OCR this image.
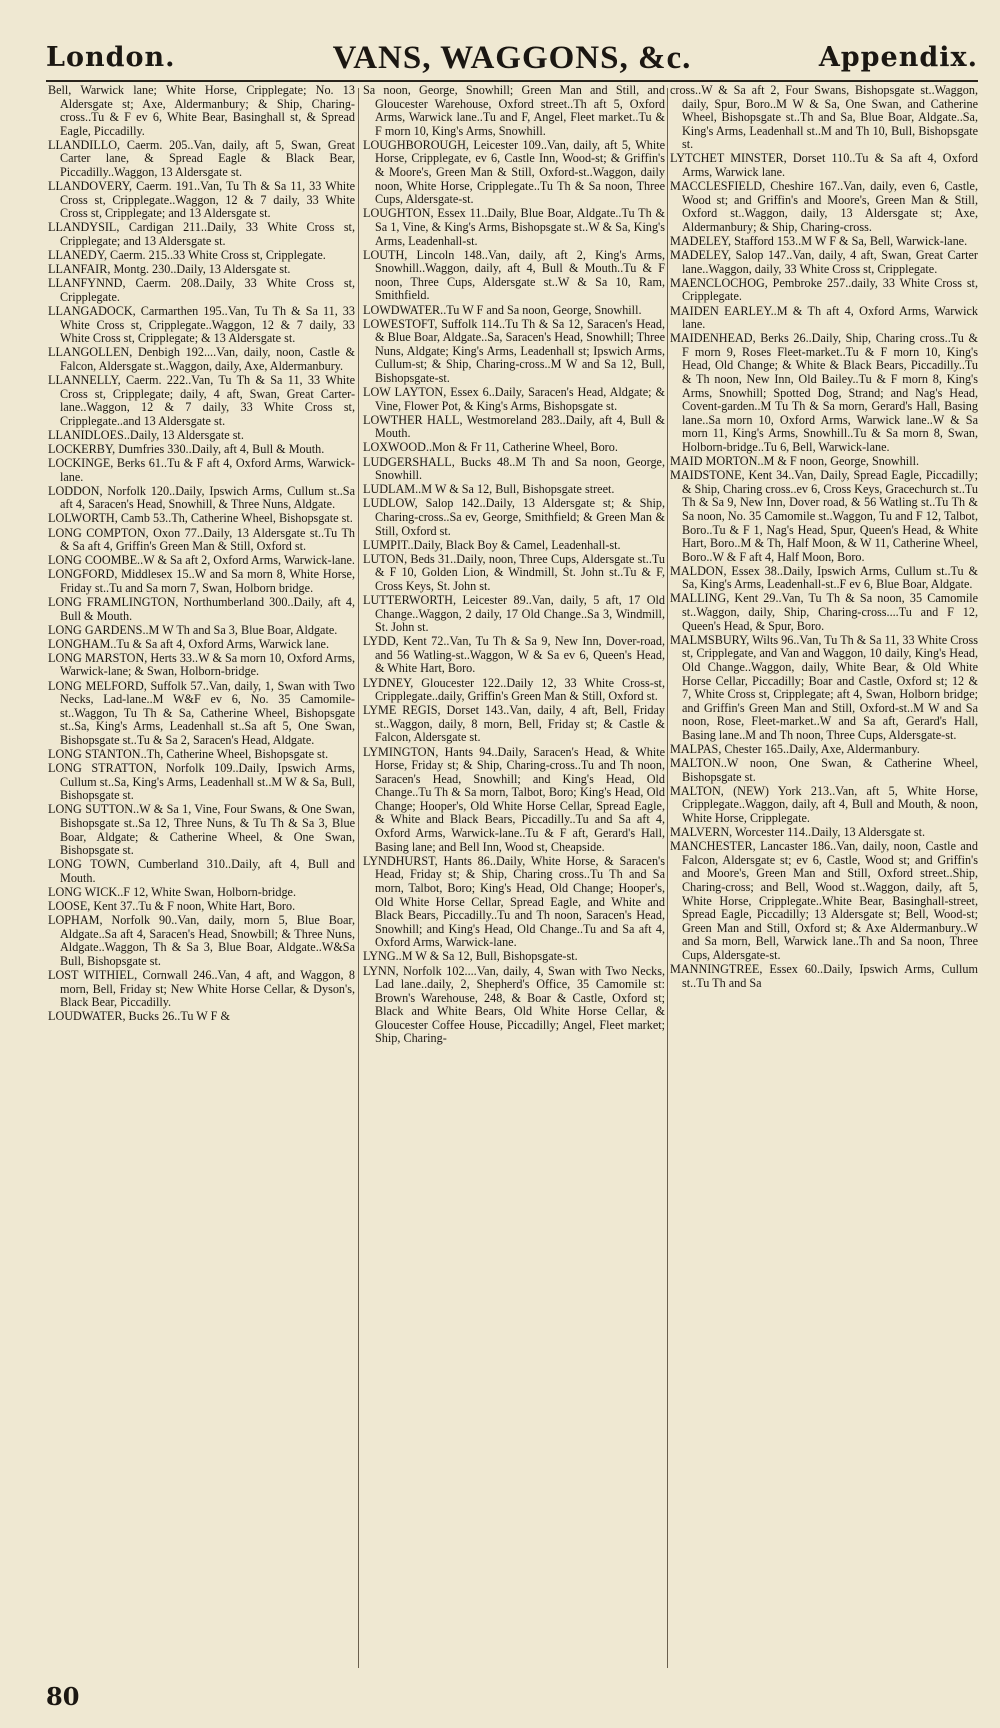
London.	VANS, WAGGONS, &c.	Appendix.

Bell, Warwick lane; White Horse, Cripplegate; No. 13 Aldersgate st; Axe, Aldermanbury; & Ship, Charing-cross..Tu & F ev 6, White Bear, Basinghall st, & Spread Eagle, Piccadilly.

LLANDILLO, Caerm. 205..Van, daily, aft 5, Swan, Great Carter lane, & Spread Eagle & Black Bear, Piccadilly..Waggon, 13 Aldersgate st.

LLANDOVERY, Caerm. 191..Van, Tu Th & Sa 11, 33 White Cross st, Cripplegate..Waggon, 12 & 7 daily, 33 White Cross st, Cripplegate; and 13 Aldersgate st.

LLANDYSIL, Cardigan 211..Daily, 33 White Cross st, Cripplegate; and 13 Aldersgate st.

LLANEDY, Caerm. 215..33 White Cross st, Cripplegate.

LLANFAIR, Montg. 230..Daily, 13 Aldersgate st.

LLANFYNND, Caerm. 208..Daily, 33 White Cross st, Cripplegate.

LLANGADOCK, Carmarthen 195..Van, Tu Th & Sa 11, 33 White Cross st, Cripplegate..Waggon, 12 & 7 daily, 33 White Cross st, Cripplegate; & 13 Aldersgate st.

LLANGOLLEN, Denbigh 192....Van, daily, noon, Castle & Falcon, Aldersgate st..Waggon, daily, Axe, Aldermanbury.

LLANNELLY, Caerm. 222..Van, Tu Th & Sa 11, 33 White Cross st, Cripplegate; daily, 4 aft, Swan, Great Carter-lane..Waggon, 12 & 7 daily, 33 White Cross st, Cripplegate..and 13 Aldersgate st.

LLANIDLOES..Daily, 13 Aldersgate st.

LOCKERBY, Dumfries 330..Daily, aft 4, Bull & Mouth.

LOCKINGE, Berks 61..Tu & F aft 4, Oxford Arms, Warwick-lane.

LODDON, Norfolk 120..Daily, Ipswich Arms, Cullum st..Sa aft 4, Saracen's Head, Snowhill, & Three Nuns, Aldgate.

LOLWORTH, Camb 53..Th, Catherine Wheel, Bishopsgate st.

LONG COMPTON, Oxon 77..Daily, 13 Aldersgate st..Tu Th & Sa aft 4, Griffin's Green Man & Still, Oxford st.

LONG COOMBE..W & Sa aft 2, Oxford Arms, Warwick-lane.

LONGFORD, Middlesex 15..W and Sa morn 8, White Horse, Friday st..Tu and Sa morn 7, Swan, Holborn bridge.

LONG FRAMLINGTON, Northumberland 300..Daily, aft 4, Bull & Mouth.

LONG GARDENS..M W Th and Sa 3, Blue Boar, Aldgate.

LONGHAM..Tu & Sa aft 4, Oxford Arms, Warwick lane.

LONG MARSTON, Herts 33..W & Sa morn 10, Oxford Arms, Warwick-lane; & Swan, Holborn-bridge.

LONG MELFORD, Suffolk 57..Van, daily, 1, Swan with Two Necks, Lad-lane..M W&F ev 6, No. 35 Camomile-st..Waggon, Tu Th & Sa, Catherine Wheel, Bishopsgate st..Sa, King's Arms, Leadenhall st..Sa aft 5, One Swan, Bishopsgate st..Tu & Sa 2, Saracen's Head, Aldgate.

LONG STANTON..Th, Catherine Wheel, Bishopsgate st.

LONG STRATTON, Norfolk 109..Daily, Ipswich Arms, Cullum st..Sa, King's Arms, Leadenhall st..M W & Sa, Bull, Bishopsgate st.

LONG SUTTON..W & Sa 1, Vine, Four Swans, & One Swan, Bishopsgate st..Sa 12, Three Nuns, & Tu Th & Sa 3, Blue Boar, Aldgate; & Catherine Wheel, & One Swan, Bishopsgate st.

LONG TOWN, Cumberland 310..Daily, aft 4, Bull and Mouth.

LONG WICK..F 12, White Swan, Holborn-bridge.

LOOSE, Kent 37..Tu & F noon, White Hart, Boro.

LOPHAM, Norfolk 90..Van, daily, morn 5, Blue Boar, Aldgate..Sa aft 4, Saracen's Head, Snowbill; & Three Nuns, Aldgate..Waggon, Th & Sa 3, Blue Boar, Aldgate..W&Sa Bull, Bishopsgate st.

LOST WITHIEL, Cornwall 246..Van, 4 aft, and Waggon, 8 morn, Bell, Friday st; New White Horse Cellar, & Dyson's, Black Bear, Piccadilly.

LOUDWATER, Bucks 26..Tu W F &

Sa noon, George, Snowhill; Green Man and Still, and Gloucester Warehouse, Oxford street..Th aft 5, Oxford Arms, Warwick lane..Tu and F, Angel, Fleet market..Tu & F morn 10, King's Arms, Snowhill.

LOUGHBOROUGH, Leicester 109..Van, daily, aft 5, White Horse, Cripplegate, ev 6, Castle Inn, Wood-st; & Griffin's & Moore's, Green Man & Still, Oxford-st..Waggon, daily noon, White Horse, Cripplegate..Tu Th & Sa noon, Three Cups, Aldersgate-st.

LOUGHTON, Essex 11..Daily, Blue Boar, Aldgate..Tu Th & Sa 1, Vine, & King's Arms, Bishopsgate st..W & Sa, King's Arms, Leadenhall-st.

LOUTH, Lincoln 148..Van, daily, aft 2, King's Arms, Snowhill..Waggon, daily, aft 4, Bull & Mouth..Tu & F noon, Three Cups, Aldersgate st..W & Sa 10, Ram, Smithfield.

LOWDWATER..Tu W F and Sa noon, George, Snowhill.

LOWESTOFT, Suffolk 114..Tu Th & Sa 12, Saracen's Head, & Blue Boar, Aldgate..Sa, Saracen's Head, Snowhill; Three Nuns, Aldgate; King's Arms, Leadenhall st; Ipswich Arms, Cullum-st; & Ship, Charing-cross..M W and Sa 12, Bull, Bishopsgate-st.

LOW LAYTON, Essex 6..Daily, Saracen's Head, Aldgate; & Vine, Flower Pot, & King's Arms, Bishopsgate st.

LOWTHER HALL, Westmoreland 283..Daily, aft 4, Bull & Mouth.

LOXWOOD..Mon & Fr 11, Catherine Wheel, Boro.

LUDGERSHALL, Bucks 48..M Th and Sa noon, George, Snowhill.

LUDLAM..M W & Sa 12, Bull, Bishopsgate street.

LUDLOW, Salop 142..Daily, 13 Aldersgate st; & Ship, Charing-cross..Sa ev, George, Smithfield; & Green Man & Still, Oxford st.

LUMPIT..Daily, Black Boy & Camel, Leadenhall-st.

LUTON, Beds 31..Daily, noon, Three Cups, Aldersgate st..Tu & F 10, Golden Lion, & Windmill, St. John st..Tu & F, Cross Keys, St. John st.

LUTTERWORTH, Leicester 89..Van, daily, 5 aft, 17 Old Change..Waggon, 2 daily, 17 Old Change..Sa 3, Windmill, St. John st.

LYDD, Kent 72..Van, Tu Th & Sa 9, New Inn, Dover-road, and 56 Watling-st..Waggon, W & Sa ev 6, Queen's Head, & White Hart, Boro.

LYDNEY, Gloucester 122..Daily 12, 33 White Cross-st, Cripplegate..daily, Griffin's Green Man & Still, Oxford st.

LYME REGIS, Dorset 143..Van, daily, 4 aft, Bell, Friday st..Waggon, daily, 8 morn, Bell, Friday st; & Castle & Falcon, Aldersgate st.

LYMINGTON, Hants 94..Daily, Saracen's Head, & White Horse, Friday st; & Ship, Charing-cross..Tu and Th noon, Saracen's Head, Snowhill; and King's Head, Old Change..Tu Th & Sa morn, Talbot, Boro; King's Head, Old Change; Hooper's, Old White Horse Cellar, Spread Eagle, & White and Black Bears, Piccadilly..Tu and Sa aft 4, Oxford Arms, Warwick-lane..Tu & F aft, Gerard's Hall, Basing lane; and Bell Inn, Wood st, Cheapside.

LYNDHURST, Hants 86..Daily, White Horse, & Saracen's Head, Friday st; & Ship, Charing cross..Tu Th and Sa morn, Talbot, Boro; King's Head, Old Change; Hooper's, Old White Horse Cellar, Spread Eagle, and White and Black Bears, Piccadilly..Tu and Th noon, Saracen's Head, Snowhill; and King's Head, Old Change..Tu and Sa aft 4, Oxford Arms, Warwick-lane.

LYNG..M W & Sa 12, Bull, Bishopsgate-st.

LYNN, Norfolk 102....Van, daily, 4, Swan with Two Necks, Lad lane..daily, 2, Shepherd's Office, 35 Camomile st: Brown's Warehouse, 248, & Boar & Castle, Oxford st; Black and White Bears, Old White Horse Cellar, & Gloucester Coffee House, Piccadilly; Angel, Fleet market; Ship, Charing-

cross..W & Sa aft 2, Four Swans, Bishopsgate st..Waggon, daily, Spur, Boro..M W & Sa, One Swan, and Catherine Wheel, Bishopsgate st..Th and Sa, Blue Boar, Aldgate..Sa, King's Arms, Leadenhall st..M and Th 10, Bull, Bishopsgate st.

LYTCHET MINSTER, Dorset 110..Tu & Sa aft 4, Oxford Arms, Warwick lane.

MACCLESFIELD, Cheshire 167..Van, daily, even 6, Castle, Wood st; and Griffin's and Moore's, Green Man & Still, Oxford st..Waggon, daily, 13 Aldersgate st; Axe, Aldermanbury; & Ship, Charing-cross.

MADELEY, Stafford 153..M W F & Sa, Bell, Warwick-lane.

MADELEY, Salop 147..Van, daily, 4 aft, Swan, Great Carter lane..Waggon, daily, 33 White Cross st, Cripplegate.

MAENCLOCHOG, Pembroke 257..daily, 33 White Cross st, Cripplegate.

MAIDEN EARLEY..M & Th aft 4, Oxford Arms, Warwick lane.

MAIDENHEAD, Berks 26..Daily, Ship, Charing cross..Tu & F morn 9, Roses Fleet-market..Tu & F morn 10, King's Head, Old Change; & White & Black Bears, Piccadilly..Tu & Th noon, New Inn, Old Bailey..Tu & F morn 8, King's Arms, Snowhill; Spotted Dog, Strand; and Nag's Head, Covent-garden..M Tu Th & Sa morn, Gerard's Hall, Basing lane..Sa morn 10, Oxford Arms, Warwick lane..W & Sa morn 11, King's Arms, Snowhill..Tu & Sa morn 8, Swan, Holborn-bridge..Tu 6, Bell, Warwick-lane.

MAID MORTON..M & F noon, George, Snowhill.

MAIDSTONE, Kent 34..Van, Daily, Spread Eagle, Piccadilly; & Ship, Charing cross..ev 6, Cross Keys, Gracechurch st..Tu Th & Sa 9, New Inn, Dover road, & 56 Watling st..Tu Th & Sa noon, No. 35 Camomile st..Waggon, Tu and F 12, Talbot, Boro..Tu & F 1, Nag's Head, Spur, Queen's Head, & White Hart, Boro..M & Th, Half Moon, & W 11, Catherine Wheel, Boro..W & F aft 4, Half Moon, Boro.

MALDON, Essex 38..Daily, Ipswich Arms, Cullum st..Tu & Sa, King's Arms, Leadenhall-st..F ev 6, Blue Boar, Aldgate.

MALLING, Kent 29..Van, Tu Th & Sa noon, 35 Camomile st..Waggon, daily, Ship, Charing-cross....Tu and F 12, Queen's Head, & Spur, Boro.

MALMSBURY, Wilts 96..Van, Tu Th & Sa 11, 33 White Cross st, Cripplegate, and Van and Waggon, 10 daily, King's Head, Old Change..Waggon, daily, White Bear, & Old White Horse Cellar, Piccadilly; Boar and Castle, Oxford st; 12 & 7, White Cross st, Cripplegate; aft 4, Swan, Holborn bridge; and Griffin's Green Man and Still, Oxford-st..M W and Sa noon, Rose, Fleet-market..W and Sa aft, Gerard's Hall, Basing lane..M and Th noon, Three Cups, Aldersgate-st.

MALPAS, Chester 165..Daily, Axe, Aldermanbury.

MALTON..W noon, One Swan, & Catherine Wheel, Bishopsgate st.

MALTON, (NEW) York 213..Van, aft 5, White Horse, Cripplegate..Waggon, daily, aft 4, Bull and Mouth, & noon, White Horse, Cripplegate.

MALVERN, Worcester 114..Daily, 13 Aldersgate st.

MANCHESTER, Lancaster 186..Van, daily, noon, Castle and Falcon, Aldersgate st; ev 6, Castle, Wood st; and Griffin's and Moore's, Green Man and Still, Oxford street..Ship, Charing-cross; and Bell, Wood st..Waggon, daily, aft 5, White Horse, Cripplegate..White Bear, Basinghall-street, Spread Eagle, Piccadilly; 13 Aldersgate st; Bell, Wood-st; Green Man and Still, Oxford st; & Axe Aldermanbury..W and Sa morn, Bell, Warwick lane..Th and Sa noon, Three Cups, Aldersgate-st.

MANNINGTREE, Essex 60..Daily, Ipswich Arms, Cullum st..Tu Th and Sa

80
